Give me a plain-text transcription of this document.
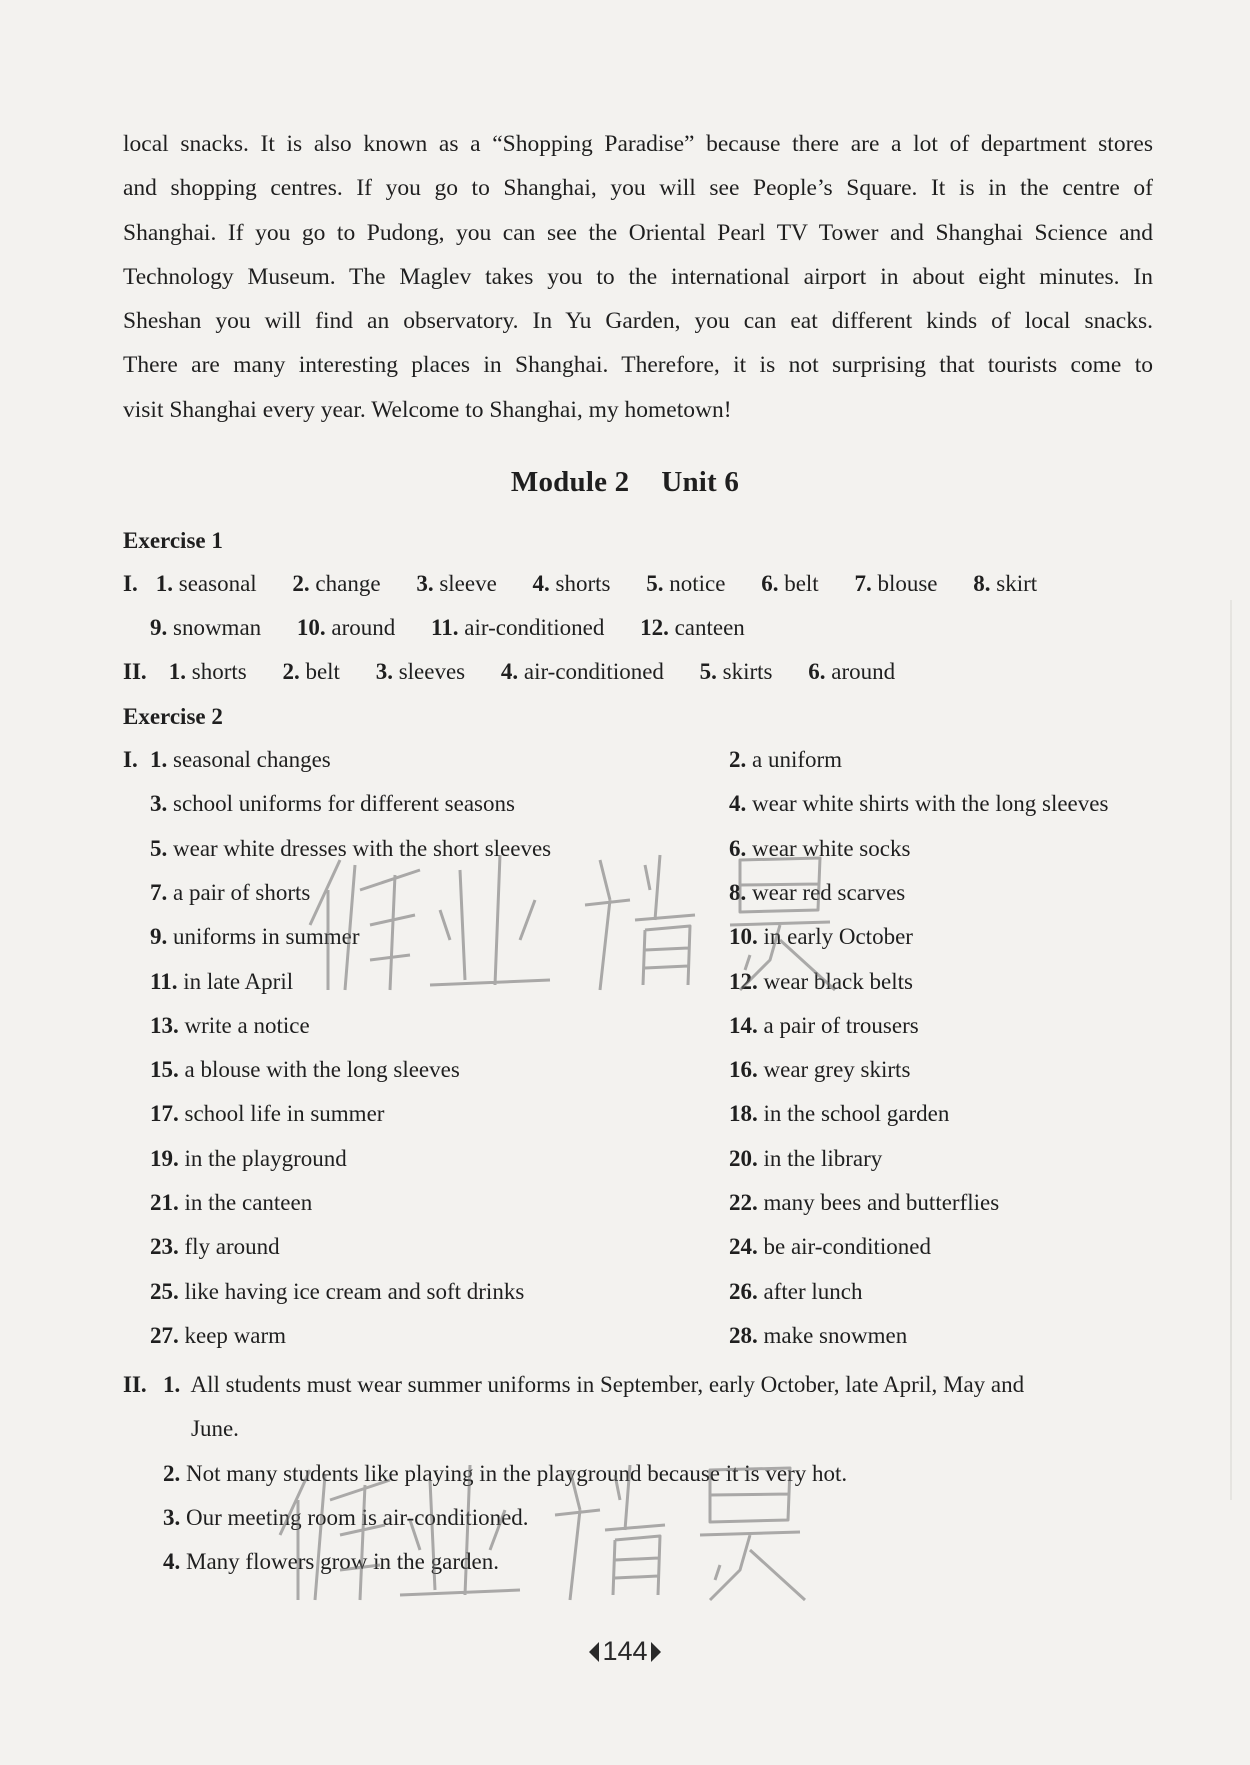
local snacks. It is also known as a “Shopping Paradise” because there are a lot of department stores
and shopping centres. If you go to Shanghai, you will see People’s Square. It is in the centre of
Shanghai. If you go to Pudong, you can see the Oriental Pearl TV Tower and Shanghai Science and
Technology Museum. The Maglev takes you to the international airport in about eight minutes. In
Sheshan you will find an observatory. In Yu Garden, you can eat different kinds of local snacks.
There are many interesting places in Shanghai. Therefore, it is not surprising that tourists come to
visit Shanghai every year. Welcome to Shanghai, my hometown!
Module 2 Unit 6
Exercise 1
I. 1. seasonal 2. change 3. sleeve 4. shorts 5. notice 6. belt 7. blouse 8. skirt
9. snowman 10. around 11. air-conditioned 12. canteen
II. 1. shorts 2. belt 3. sleeves 4. air-conditioned 5. skirts 6. around
Exercise 2
I. 1. seasonal changes	2. a uniform
3. school uniforms for different seasons	4. wear white shirts with the long sleeves
5. wear white dresses with the short sleeves	6. wear white socks
7. a pair of shorts	8. wear red scarves
9. uniforms in summer	10. in early October
11. in late April	12. wear black belts
13. write a notice	14. a pair of trousers
15. a blouse with the long sleeves	16. wear grey skirts
17. school life in summer	18. in the school garden
19. in the playground	20. in the library
21. in the canteen	22. many bees and butterflies
23. fly around	24. be air-conditioned
25. like having ice cream and soft drinks	26. after lunch
27. keep warm	28. make snowmen
II. 1. All students must wear summer uniforms in September, early October, late April, May and
June.
2. Not many students like playing in the playground because it is very hot.
3. Our meeting room is air-conditioned.
4. Many flowers grow in the garden.
144
